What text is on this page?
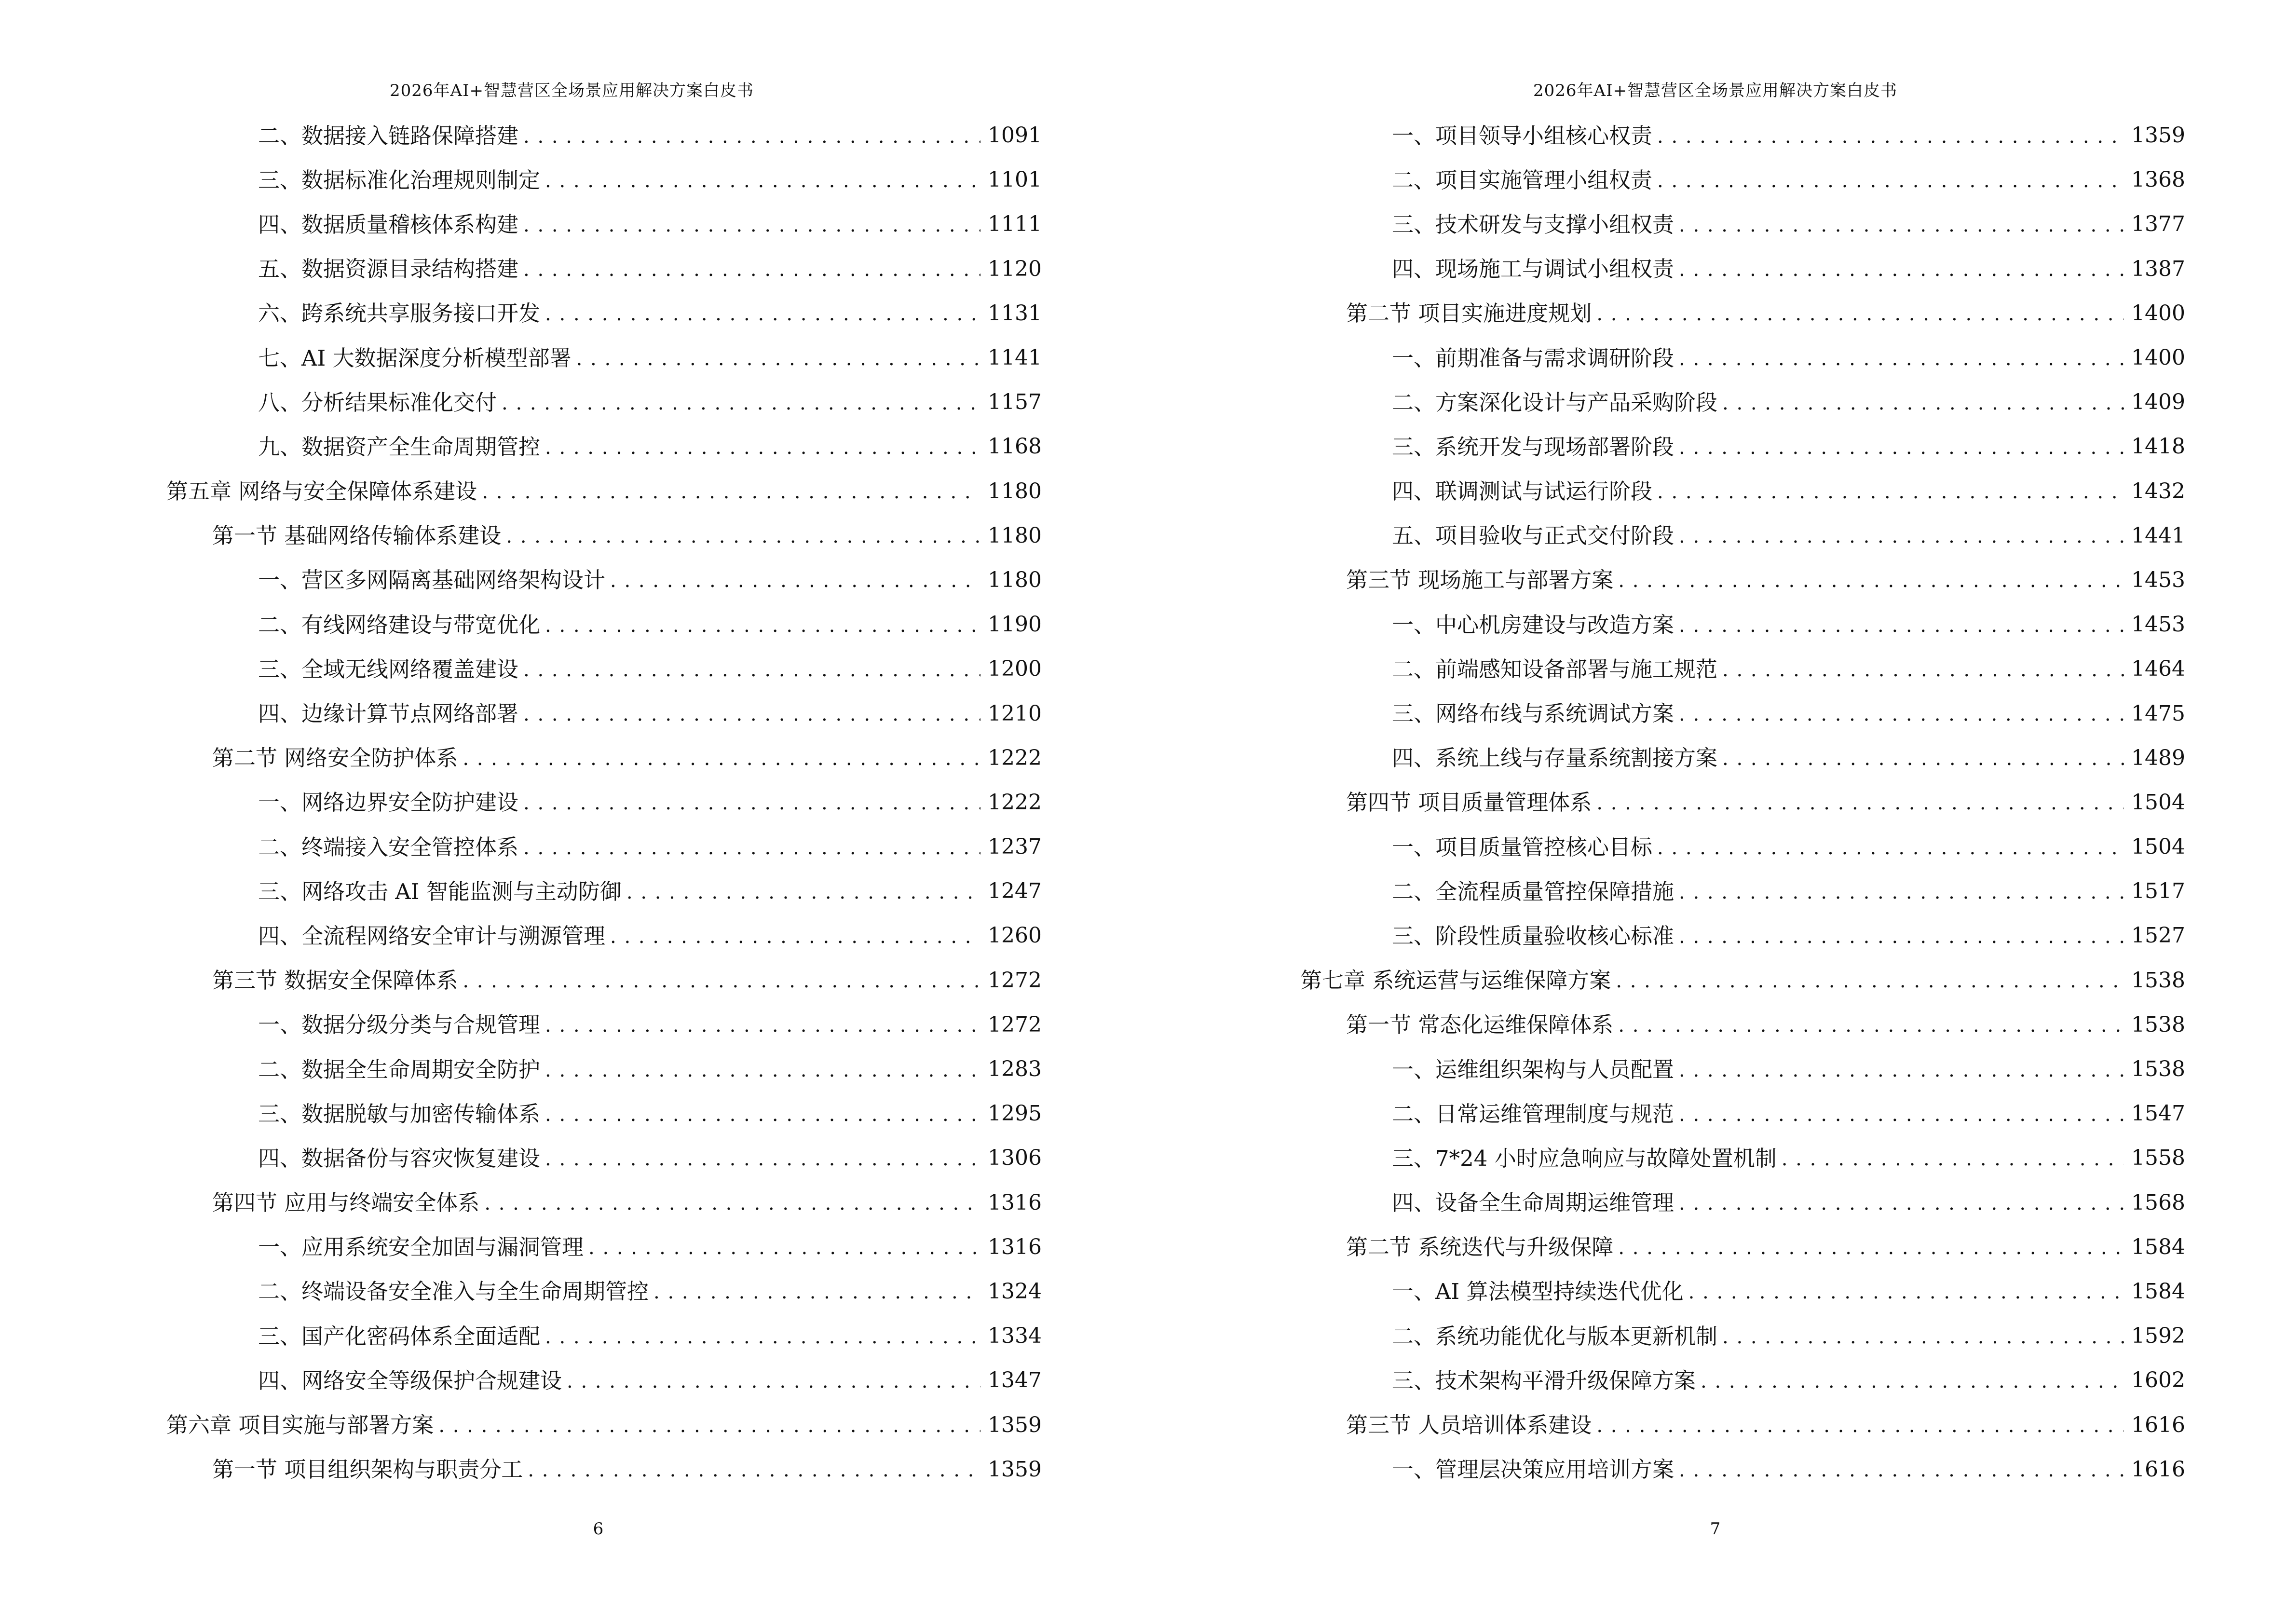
2026年AI+智慧营区全场景应用解决方案白皮书
二、数据接入链路保障搭建 . . .	1091
三、数据标准化治理规则制定 . . .	1101
四、数据质量稽核体系构建 . . .	1111
五、数据资源目录结构搭建 . . .	1120
六、跨系统共享服务接口开发 . . .	1131
七、AI 大数据深度分析模型部署 . . .	1141
八、分析结果标准化交付 . . .	1157
九、数据资产全生命周期管控 . . .	1168
第五章 网络与安全保障体系建设 . . .	1180
第一节 基础网络传输体系建设 . . .	1180
一、营区多网隔离基础网络架构设计 . . .	1180
二、有线网络建设与带宽优化 . . .	1190
三、全域无线网络覆盖建设 . . .	1200
四、边缘计算节点网络部署 . . .	1210
第二节 网络安全防护体系 . . .	1222
一、网络边界安全防护建设 . . .	1222
二、终端接入安全管控体系 . . .	1237
三、网络攻击 AI 智能监测与主动防御 . . .	1247
四、全流程网络安全审计与溯源管理 . . .	1260
第三节 数据安全保障体系 . . .	1272
一、数据分级分类与合规管理 . . .	1272
二、数据全生命周期安全防护 . . .	1283
三、数据脱敏与加密传输体系 . . .	1295
四、数据备份与容灾恢复建设 . . .	1306
第四节 应用与终端安全体系 . . .	1316
一、应用系统安全加固与漏洞管理 . . .	1316
二、终端设备安全准入与全生命周期管控 . . .	1324
三、国产化密码体系全面适配 . . .	1334
四、网络安全等级保护合规建设 . . .	1347
第六章 项目实施与部署方案 . . .	1359
第一节 项目组织架构与职责分工 . . .	1359
6
2026年AI+智慧营区全场景应用解决方案白皮书
一、项目领导小组核心权责 . . .	1359
二、项目实施管理小组权责 . . .	1368
三、技术研发与支撑小组权责 . . .	1377
四、现场施工与调试小组权责 . . .	1387
第二节 项目实施进度规划 . . .	1400
一、前期准备与需求调研阶段 . . .	1400
二、方案深化设计与产品采购阶段 . . .	1409
三、系统开发与现场部署阶段 . . .	1418
四、联调测试与试运行阶段 . . .	1432
五、项目验收与正式交付阶段 . . .	1441
第三节 现场施工与部署方案 . . .	1453
一、中心机房建设与改造方案 . . .	1453
二、前端感知设备部署与施工规范 . . .	1464
三、网络布线与系统调试方案 . . .	1475
四、系统上线与存量系统割接方案 . . .	1489
第四节 项目质量管理体系 . . .	1504
一、项目质量管控核心目标 . . .	1504
二、全流程质量管控保障措施 . . .	1517
三、阶段性质量验收核心标准 . . .	1527
第七章 系统运营与运维保障方案 . . .	1538
第一节 常态化运维保障体系 . . .	1538
一、运维组织架构与人员配置 . . .	1538
二、日常运维管理制度与规范 . . .	1547
三、7*24 小时应急响应与故障处置机制 . . .	1558
四、设备全生命周期运维管理 . . .	1568
第二节 系统迭代与升级保障 . . .	1584
一、AI 算法模型持续迭代优化 . . .	1584
二、系统功能优化与版本更新机制 . . .	1592
三、技术架构平滑升级保障方案 . . .	1602
第三节 人员培训体系建设 . . .	1616
一、管理层决策应用培训方案 . . .	1616
7
